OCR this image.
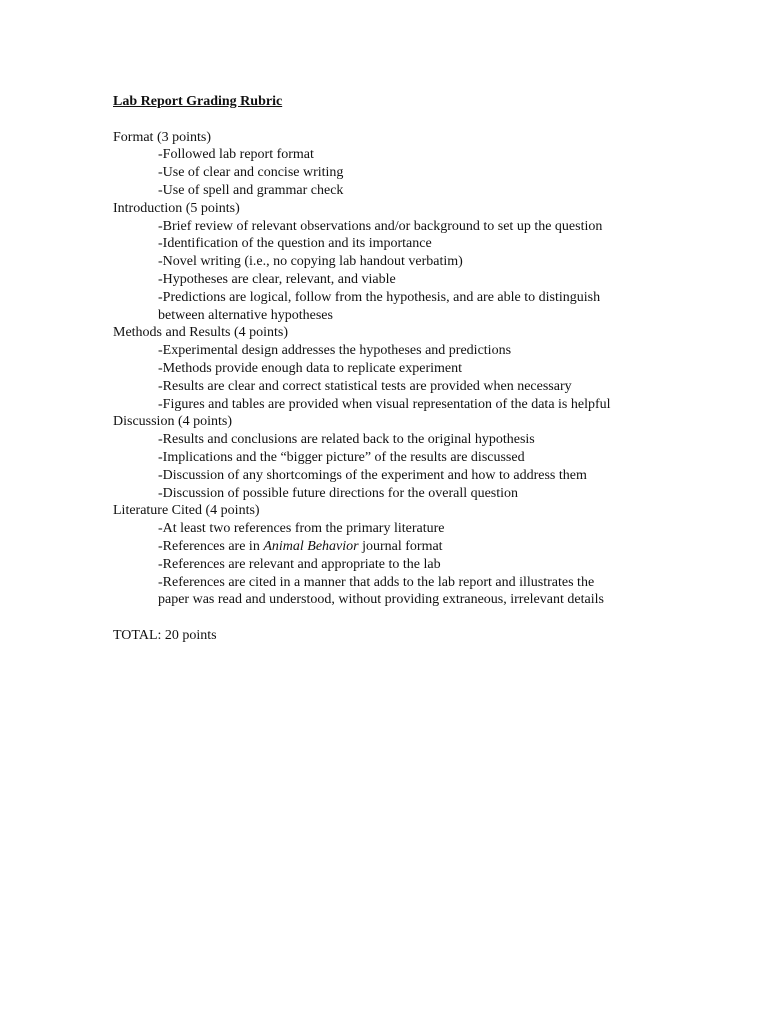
Lab Report Grading Rubric
Format (3 points)
-Followed lab report format
-Use of clear and concise writing
-Use of spell and grammar check
Introduction (5 points)
-Brief review of relevant observations and/or background to set up the question
-Identification of the question and its importance
-Novel writing (i.e., no copying lab handout verbatim)
-Hypotheses are clear, relevant, and viable
-Predictions are logical, follow from the hypothesis, and are able to distinguish
between alternative hypotheses
Methods and Results (4 points)
-Experimental design addresses the hypotheses and predictions
-Methods provide enough data to replicate experiment
-Results are clear and correct statistical tests are provided when necessary
-Figures and tables are provided when visual representation of the data is helpful
Discussion (4 points)
-Results and conclusions are related back to the original hypothesis
-Implications and the “bigger picture” of the results are discussed
-Discussion of any shortcomings of the experiment and how to address them
-Discussion of possible future directions for the overall question
Literature Cited (4 points)
-At least two references from the primary literature
-References are in Animal Behavior journal format
-References are relevant and appropriate to the lab
-References are cited in a manner that adds to the lab report and illustrates the
paper was read and understood, without providing extraneous, irrelevant details
TOTAL: 20 points
